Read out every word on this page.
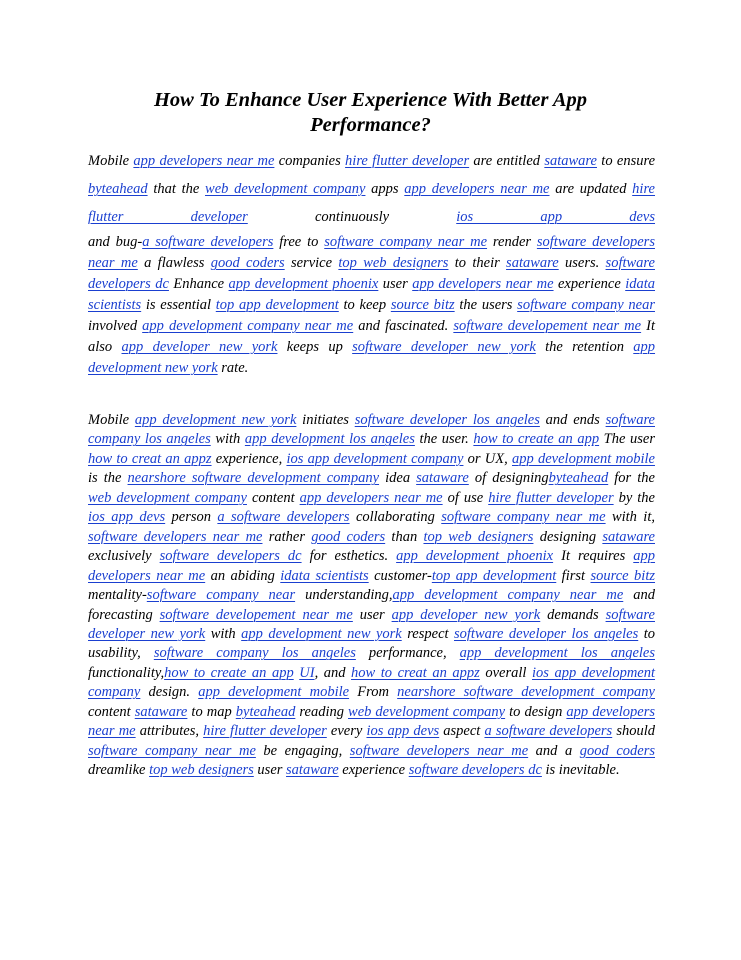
How To Enhance User Experience With Better App Performance?

Mobile app developers near me companies hire flutter developer are entitled sataware to ensure byteahead that the web development company apps app developers near me are updated hire flutter developer continuously ios app devs

and bug-a software developers free to software company near me render software developers near me a flawless good coders service top web designers to their sataware users. software developers dc Enhance app development phoenix user app developers near me experience idata scientists is essential top app development to keep source bitz the users software company near involved app development company near me and fascinated. software developement near me It also app developer new york keeps up software developer new york the retention app development new york rate.

Mobile app development new york initiates software developer los angeles and ends software company los angeles with app development los angeles the user. how to create an app The user how to creat an appz experience, ios app development company or UX, app development mobile is the nearshore software development company idea sataware of designingbyteahead for the web development company content app developers near me of use hire flutter developer by the ios app devs person a software developers collaborating software company near me with it, software developers near me rather good coders than top web designers designing sataware exclusively software developers dc for esthetics. app development phoenix It requires app developers near me an abiding idata scientists customer-top app development first source bitz mentality-software company near understanding,app development company near me and forecasting software developement near me user app developer new york demands software developer new york with app development new york respect software developer los angeles to usability, software company los angeles performance, app development los angeles functionality,how to create an app UI, and how to creat an appz overall ios app development company design. app development mobile From nearshore software development company content sataware to map byteahead reading web development company to design app developers near me attributes, hire flutter developer every ios app devs aspect a software developers should software company near me be engaging, software developers near me and a good coders dreamlike top web designers user sataware experience software developers dc is inevitable.
